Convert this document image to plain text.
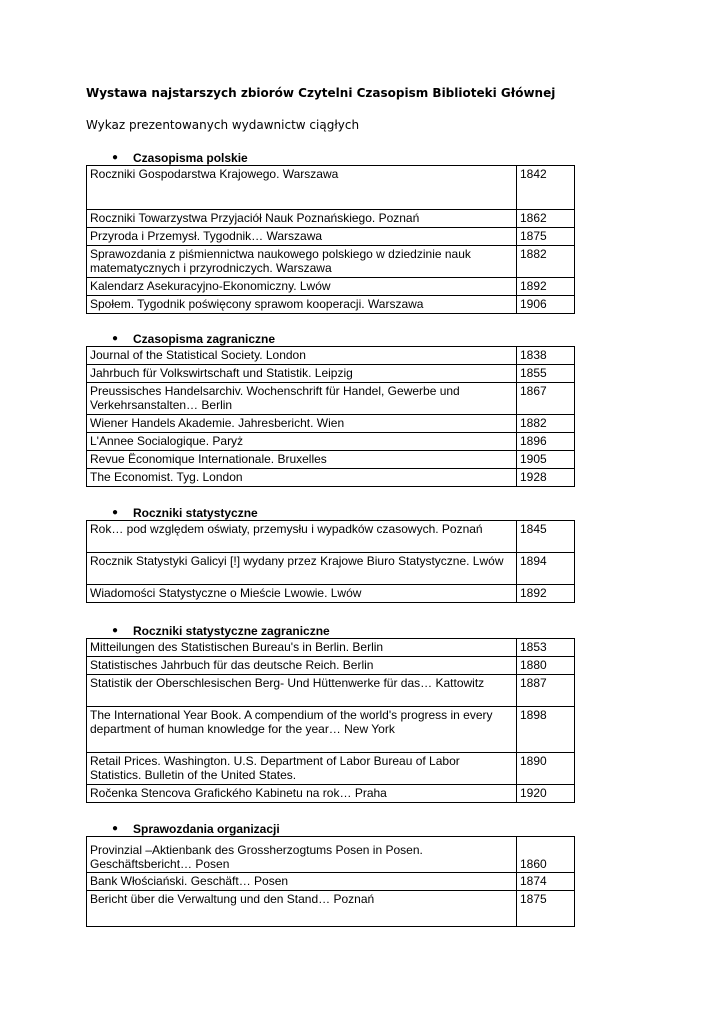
Wystawa najstarszych zbiorów Czytelni Czasopism Biblioteki Głównej
Wykaz prezentowanych wydawnictw ciągłych
● Czasopisma polskie
Roczniki Gospodarstwa Krajowego. Warszawa	1842
Roczniki Towarzystwa Przyjaciół Nauk Poznańskiego. Poznań	1862
Przyroda i Przemysł. Tygodnik… Warszawa	1875
Sprawozdania z piśmiennictwa naukowego polskiego w dziedzinie nauk matematycznych i przyrodniczych. Warszawa	1882
Kalendarz Asekuracyjno-Ekonomiczny. Lwów	1892
Społem. Tygodnik poświęcony sprawom kooperacji. Warszawa	1906
● Czasopisma zagraniczne
Journal of the Statistical Society. London	1838
Jahrbuch für Volkswirtschaft und Statistik. Leipzig	1855
Preussisches Handelsarchiv. Wochenschrift für Handel, Gewerbe und Verkehrsanstalten… Berlin	1867
Wiener Handels Akademie. Jahresbericht. Wien	1882
L'Annee Socialogique. Paryż	1896
Revue Ëconomique Internationale. Bruxelles	1905
The Economist. Tyg. London	1928
● Roczniki statystyczne
Rok… pod względem oświaty, przemysłu i wypadków czasowych. Poznań	1845
Rocznik Statystyki Galicyi [!] wydany przez Krajowe Biuro Statystyczne. Lwów	1894
Wiadomości Statystyczne o Mieście Lwowie. Lwów	1892
● Roczniki statystyczne zagraniczne
Mitteilungen des Statistischen Bureau's in Berlin. Berlin	1853
Statistisches Jahrbuch für das deutsche Reich. Berlin	1880
Statistik der Oberschlesischen Berg- Und Hüttenwerke für das… Kattowitz	1887
The International Year Book. A compendium of the world's progress in every department of human knowledge for the year… New York	1898
Retail Prices. Washington. U.S. Department of Labor Bureau of Labor Statistics. Bulletin of the United States.	1890
Ročenka Stencova Grafického Kabinetu na rok… Praha	1920
● Sprawozdania organizacji
Provinzial –Aktienbank des Grossherzogtums Posen in Posen. Geschäftsbericht… Posen	1860
Bank Włościański. Geschäft… Posen	1874
Bericht über die Verwaltung und den Stand… Poznań	1875
